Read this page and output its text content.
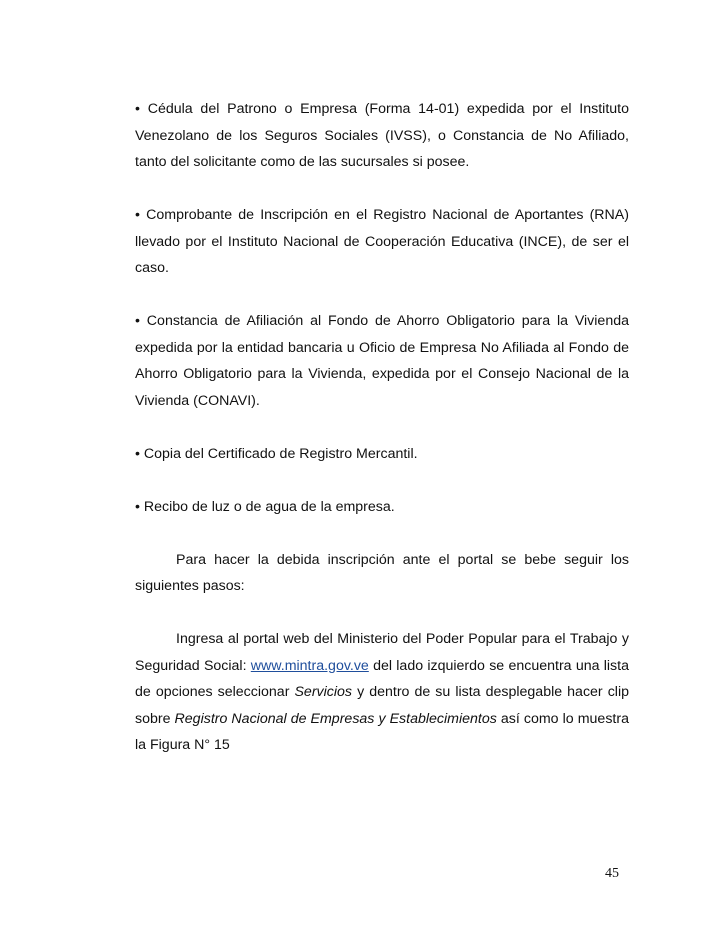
• Cédula del Patrono o Empresa (Forma 14-01) expedida por el Instituto Venezolano de los Seguros Sociales (IVSS), o Constancia de No Afiliado, tanto del solicitante como de las sucursales si posee.

• Comprobante de Inscripción en el Registro Nacional de Aportantes (RNA) llevado por el Instituto Nacional de Cooperación Educativa (INCE), de ser el caso.

• Constancia de Afiliación al Fondo de Ahorro Obligatorio para la Vivienda expedida por la entidad bancaria u Oficio de Empresa No Afiliada al Fondo de Ahorro Obligatorio para la Vivienda, expedida por el Consejo Nacional de la Vivienda (CONAVI).

• Copia del Certificado de Registro Mercantil.

• Recibo de luz o de agua de la empresa.

Para hacer la debida inscripción ante el portal se bebe seguir los siguientes pasos:

Ingresa al portal web del Ministerio del Poder Popular para el Trabajo y Seguridad Social: www.mintra.gov.ve del lado izquierdo se encuentra una lista de opciones seleccionar Servicios y dentro de su lista desplegable hacer clip sobre Registro Nacional de Empresas y Establecimientos así como lo muestra la Figura N° 15

45
